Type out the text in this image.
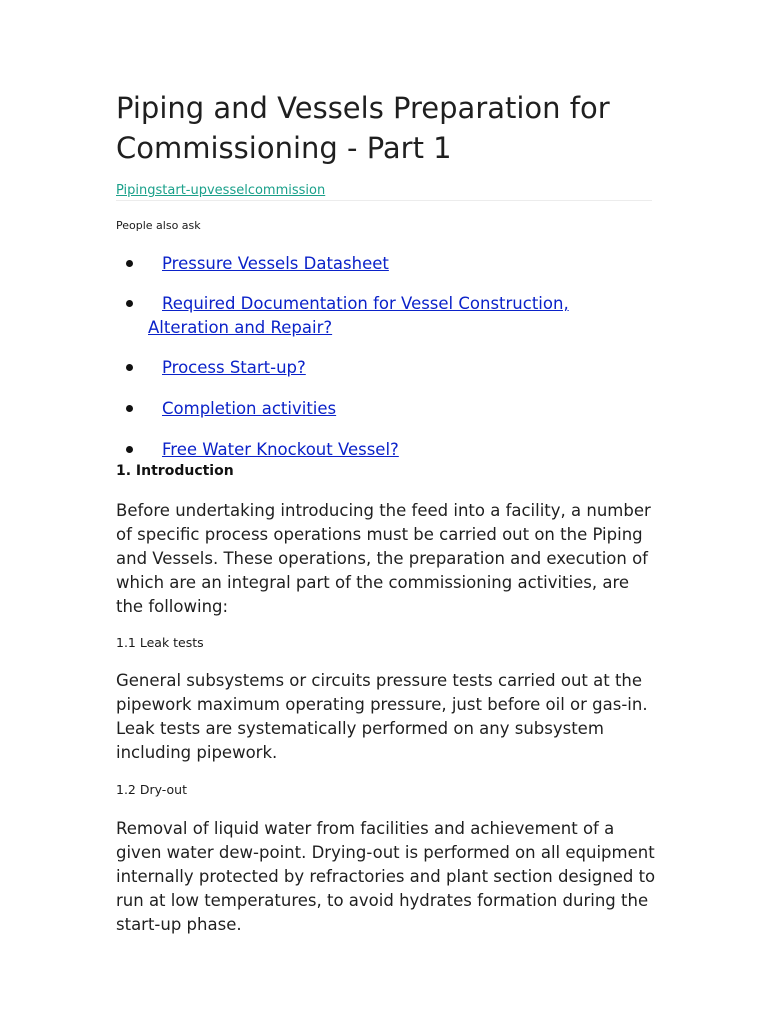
Piping and Vessels Preparation for Commissioning - Part 1
Pipingstart-upvesselcommission
People also ask
Pressure Vessels Datasheet
Required Documentation for Vessel Construction, Alteration and Repair?
Process Start-up?
Completion activities
Free Water Knockout Vessel?
1. Introduction

Before undertaking introducing the feed into a facility, a number of specific process operations must be carried out on the Piping and Vessels. These operations, the preparation and execution of which are an integral part of the commissioning activities, are the following:

1.1 Leak tests

General subsystems or circuits pressure tests carried out at the pipework maximum operating pressure, just before oil or gas-in. Leak tests are systematically performed on any subsystem including pipework.

1.2 Dry-out

Removal of liquid water from facilities and achievement of a given water dew-point. Drying-out is performed on all equipment internally protected by refractories and plant section designed to run at low temperatures, to avoid hydrates formation during the start-up phase.
